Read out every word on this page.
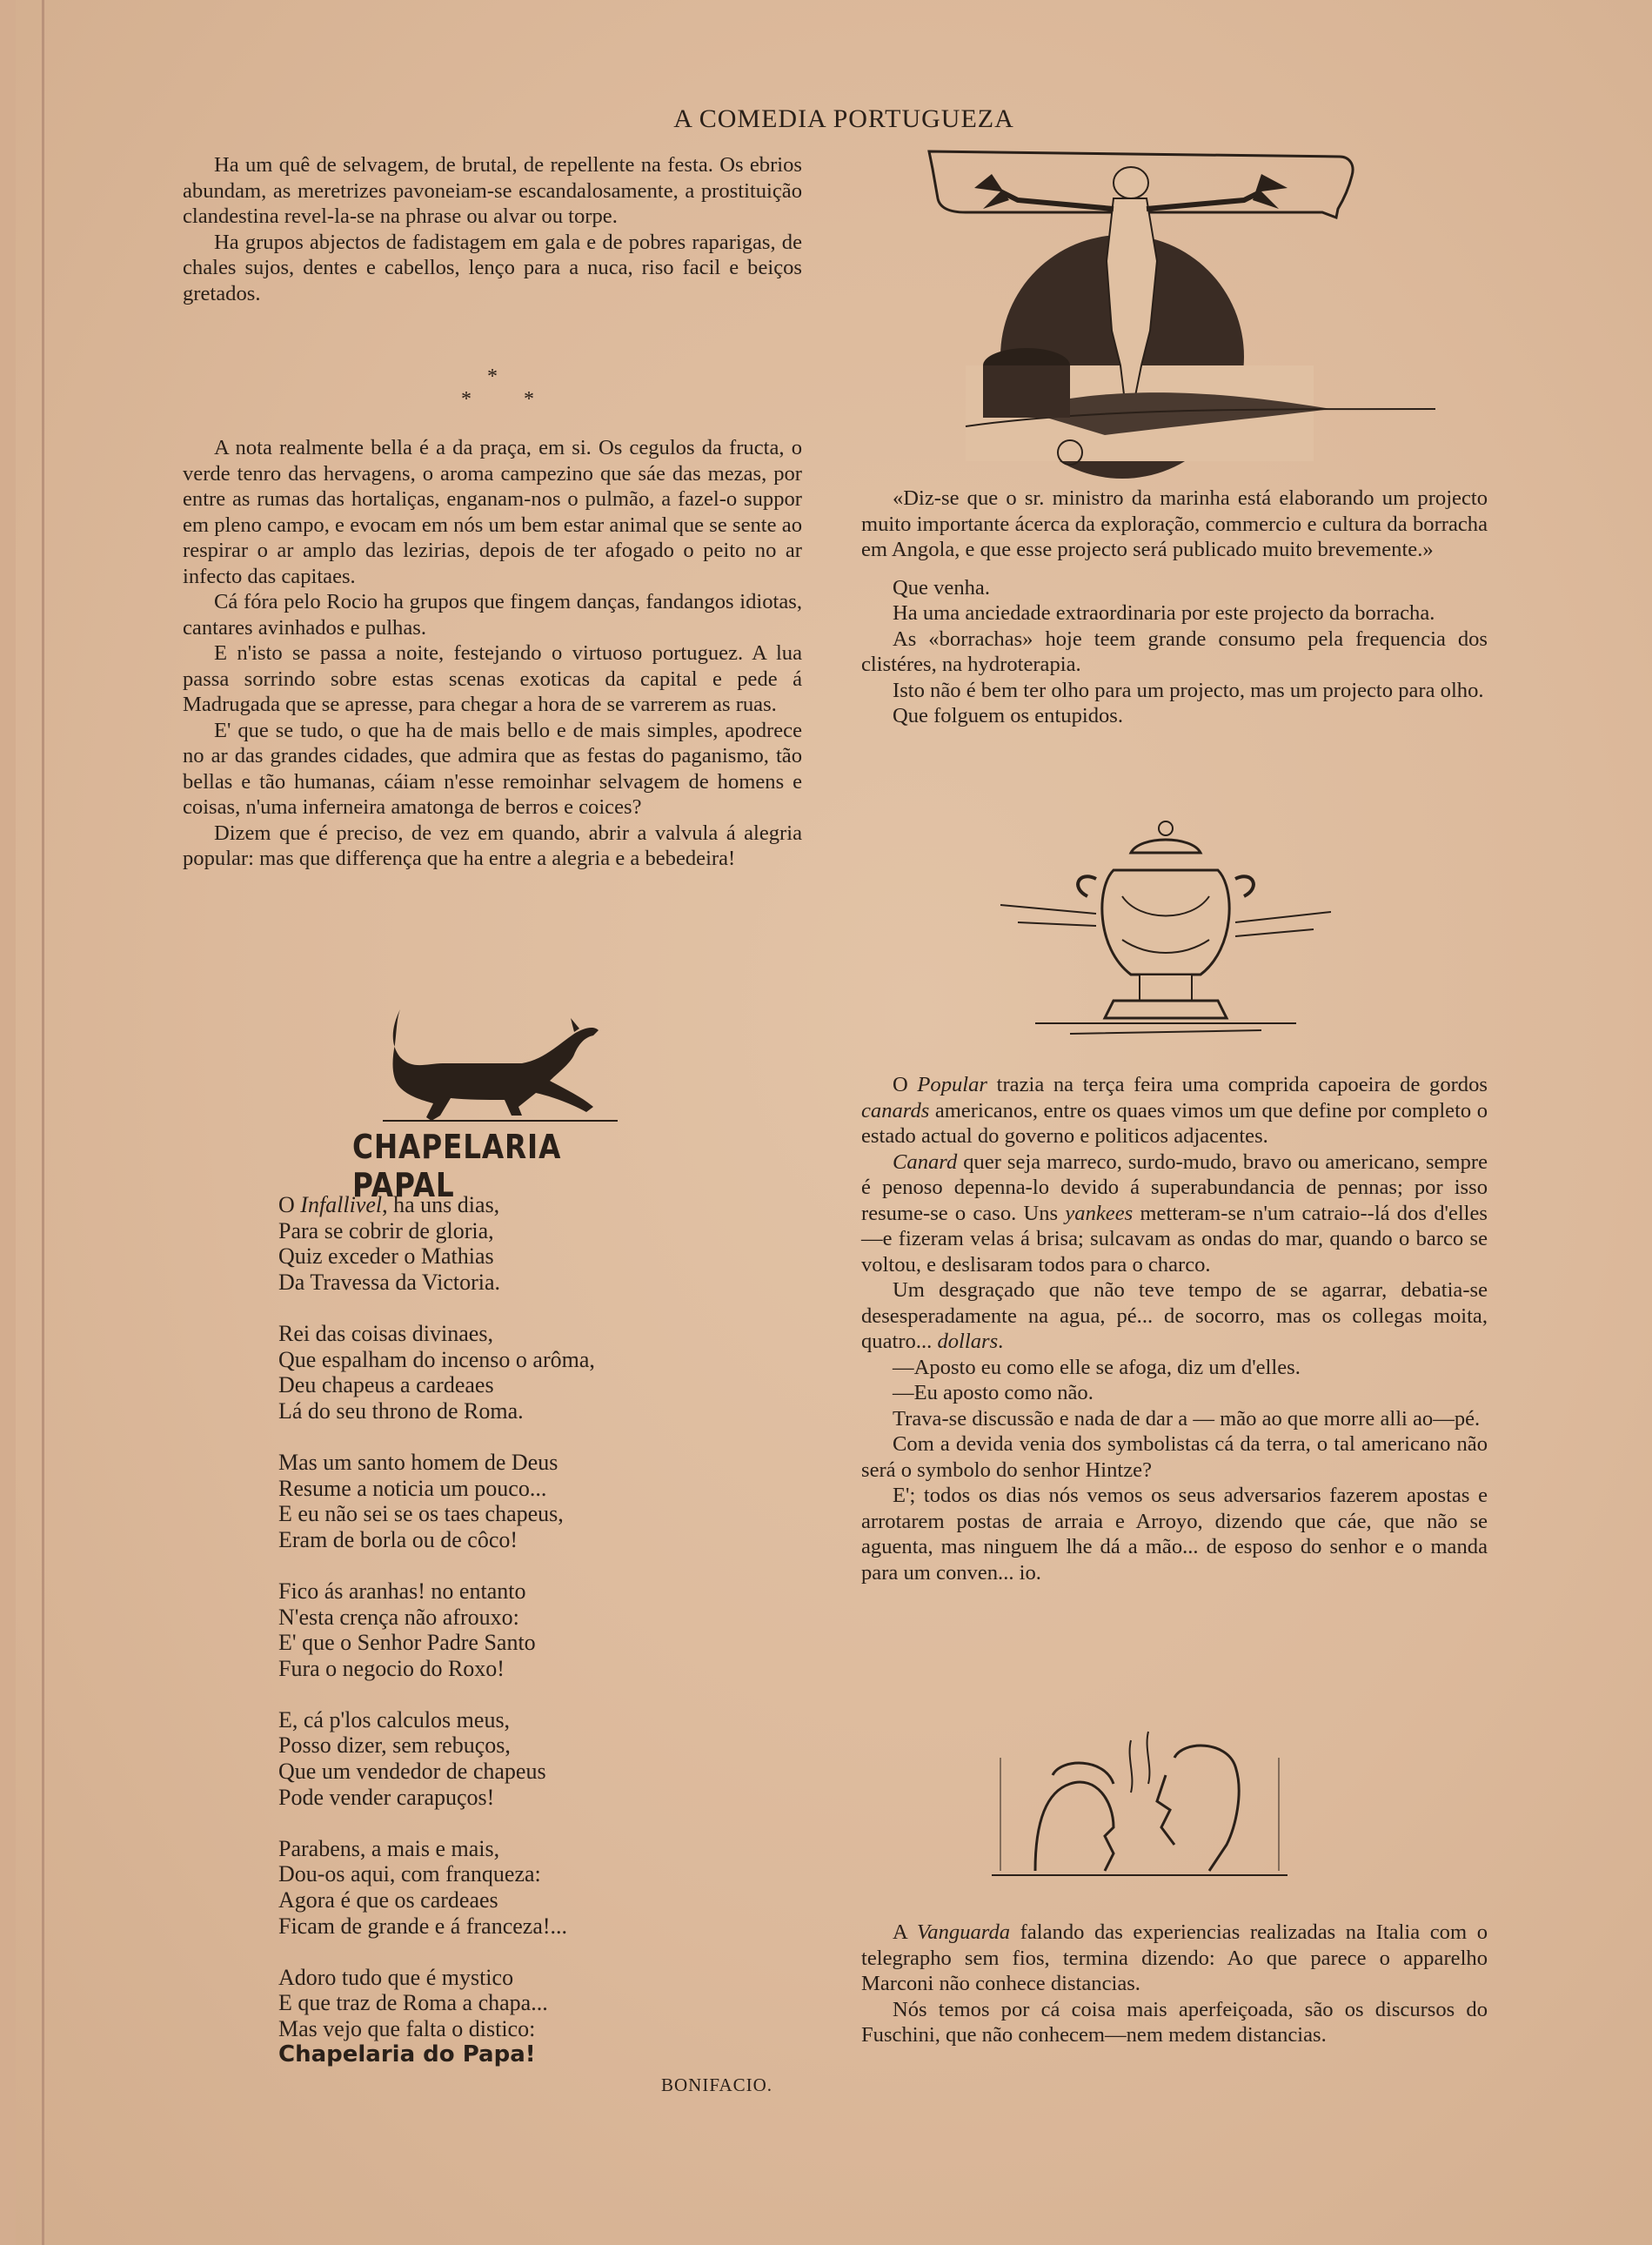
A COMEDIA PORTUGUEZA

Ha um quê de selvagem, de brutal, de repellente na festa. Os ebrios abundam, as meretrizes pavoneiam-se escandalosamente, a prostituição clandestina revel-la-se na phrase ou alvar ou torpe.

Ha grupos abjectos de fadistagem em gala e de pobres raparigas, de chales sujos, dentes e cabellos, lenço para a nuca, riso facil e beiços gretados.

*
*	*

A nota realmente bella é a da praça, em si. Os cegulos da fructa, o verde tenro das hervagens, o aroma campezino que sáe das mezas, por entre as rumas das hortaliças, enganam-nos o pulmão, a fazel-o suppor em pleno campo, e evocam em nós um bem estar animal que se sente ao respirar o ar amplo das lezirias, depois de ter afogado o peito no ar infecto das capitaes.

Cá fóra pelo Rocio ha grupos que fingem danças, fandangos idiotas, cantares avinhados e pulhas.

E n'isto se passa a noite, festejando o virtuoso portuguez. A lua passa sorrindo sobre estas scenas exoticas da capital e pede á Madrugada que se apresse, para chegar a hora de se varrerem as ruas.

E' que se tudo, o que ha de mais bello e de mais simples, apodrece no ar das grandes cidades, que admira que as festas do paganismo, tão bellas e tão humanas, cáiam n'esse remoinhar selvagem de homens e coisas, n'uma inferneira amatonga de berros e coices?

Dizem que é preciso, de vez em quando, abrir a valvula á alegria popular: mas que differença que ha entre a alegria e a bebedeira!

CHAPELARIA PAPAL
O Infallivel, ha uns dias,
Para se cobrir de gloria,
Quiz exceder o Mathias
Da Travessa da Victoria.
Rei das coisas divinaes,
Que espalham do incenso o arôma,
Deu chapeus a cardeaes
Lá do seu throno de Roma.
Mas um santo homem de Deus
Resume a noticia um pouco...
E eu não sei se os taes chapeus,
Eram de borla ou de côco!
Fico ás aranhas! no entanto
N'esta crença não afrouxo:
E' que o Senhor Padre Santo
Fura o negocio do Roxo!
E, cá p'los calculos meus,
Posso dizer, sem rebuços,
Que um vendedor de chapeus
Pode vender carapuços!
Parabens, a mais e mais,
Dou-os aqui, com franqueza:
Agora é que os cardeaes
Ficam de grande e á franceza!...
Adoro tudo que é mystico
E que traz de Roma a chapa...
Mas vejo que falta o distico:
Chapelaria do Papa!
BONIFACIO.

«Diz-se que o sr. ministro da marinha está elaborando um projecto muito importante ácerca da exploração, commercio e cultura da borracha em Angola, e que esse projecto será publicado muito brevemente.»

Que venha.

Ha uma anciedade extraordinaria por este projecto da borracha.

As «borrachas» hoje teem grande consumo pela frequencia dos clistéres, na hydroterapia.

Isto não é bem ter olho para um projecto, mas um projecto para olho.

Que folguem os entupidos.

O Popular trazia na terça feira uma comprida capoeira de gordos canards americanos, entre os quaes vimos um que define por completo o estado actual do governo e politicos adjacentes.

Canard quer seja marreco, surdo-mudo, bravo ou americano, sempre é penoso depenna-lo devido á superabundancia de pennas; por isso resume-se o caso. Uns yankees metteram-se n'um catraio--lá dos d'elles—e fizeram velas á brisa; sulcavam as ondas do mar, quando o barco se voltou, e deslisaram todos para o charco.

Um desgraçado que não teve tempo de se agarrar, debatia-se desesperadamente na agua, pé... de socorro, mas os collegas moita, quatro... dollars.

—Aposto eu como elle se afoga, diz um d'elles.

—Eu aposto como não.

Trava-se discussão e nada de dar a — mão ao que morre alli ao—pé.

Com a devida venia dos symbolistas cá da terra, o tal americano não será o symbolo do senhor Hintze?

E'; todos os dias nós vemos os seus adversarios fazerem apostas e arrotarem postas de arraia e Arroyo, dizendo que cáe, que não se aguenta, mas ninguem lhe dá a mão... de esposo do senhor e o manda para um conven... io.

A Vanguarda falando das experiencias realizadas na Italia com o telegrapho sem fios, termina dizendo: Ao que parece o apparelho Marconi não conhece distancias.

Nós temos por cá coisa mais aperfeiçoada, são os discursos do Fuschini, que não conhecem—nem medem distancias.
